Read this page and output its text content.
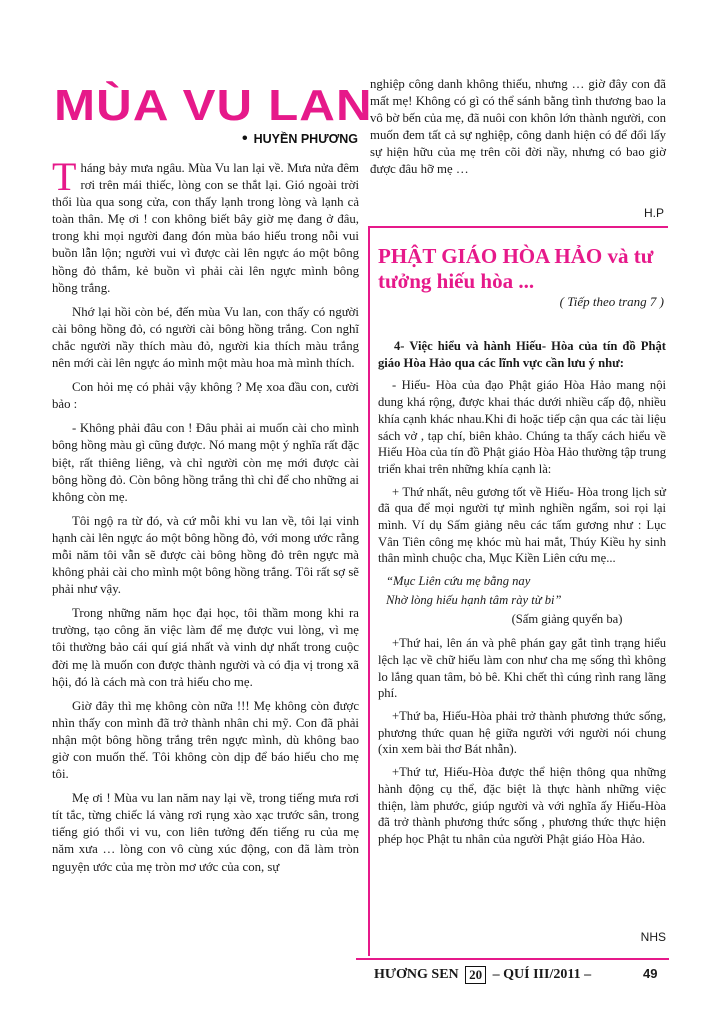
MÙA VU LAN
• HUYỀN PHƯƠNG

Tháng bảy mưa ngâu. Mùa Vu lan lại về. Mưa nửa đêm rơi trên mái thiếc, lòng con se thắt lại. Gió ngoài trời thổi lùa qua song cửa, con thấy lạnh trong lòng và lạnh cả toàn thân. Mẹ ơi ! con không biết bây giờ mẹ đang ở đâu, trong khi mọi người đang đón mùa báo hiếu trong nỗi vui buồn lẫn lộn; người vui vì được cài lên ngực áo một bông hồng đỏ thắm, kẻ buồn vì phải cài lên ngực mình bông hồng trắng.

Nhớ lại hồi còn bé, đến mùa Vu lan, con thấy có người cài bông hồng đỏ, có người cài bông hồng trắng. Con nghĩ chắc người nầy thích màu đỏ, người kia thích màu trắng nên mới cài lên ngực áo mình một màu hoa mà mình thích.

Con hỏi mẹ có phải vậy không ? Mẹ xoa đầu con, cười bảo :

- Không phải đâu con ! Đâu phải ai muốn cài cho mình bông hồng màu gì cũng được. Nó mang một ý nghĩa rất đặc biệt, rất thiêng liêng, và chỉ người còn mẹ mới được cài bông hồng đỏ. Còn bông hồng trắng thì chỉ để cho những ai không còn mẹ.

Tôi ngộ ra từ đó, và cứ mỗi khi vu lan về, tôi lại vinh hạnh cài lên ngực áo một bông hồng đỏ, với mong ước rằng mỗi năm tôi vẫn sẽ được cài bông hồng đỏ trên ngực mà không phải cài cho mình một bông hồng trắng. Tôi rất sợ sẽ phải như vậy.

Trong những năm học đại học, tôi thầm mong khi ra trường, tạo công ăn việc làm để mẹ được vui lòng, vì mẹ tôi thường bảo cái quí giá nhất và vinh dự nhất trong cuộc đời mẹ là muốn con được thành người và có địa vị trong xã hội, đó là cách mà con trả hiếu cho mẹ.

Giờ đây thì mẹ không còn nữa !!! Mẹ không còn được nhìn thấy con mình đã trở thành nhân chi mỹ. Con đã phải nhận một bông hồng trắng trên ngực mình, dù không bao giờ con muốn thế. Tôi không còn dịp để báo hiếu cho mẹ tôi.

Mẹ ơi ! Mùa vu lan năm nay lại về, trong tiếng mưa rơi tít tắc, từng chiếc lá vàng rơi rụng xào xạc trước sân, trong tiếng gió thổi vi vu, con liên tưởng đến tiếng ru của mẹ năm xưa … lòng con vô cùng xúc động, con đã làm tròn nguyện ước của mẹ tròn mơ ước của con, sự

nghiệp công danh không thiếu, nhưng … giờ đây con đã mất mẹ! Không có gì có thể sánh bằng tình thương bao la vô bờ bến của mẹ, đã nuôi con khôn lớn thành người, con muốn đem tất cả sự nghiệp, công danh hiện có để đổi lấy sự hiện hữu của mẹ trên cõi đời nầy, nhưng có bao giờ được đâu hỡ mẹ …

H.P
PHẬT GIÁO HÒA HẢO và tư tưởng hiếu hòa ...
( Tiếp theo trang 7 )

4- Việc hiểu và hành Hiếu- Hòa của tín đồ Phật giáo Hòa Hảo qua các lĩnh vực cần lưu ý như:

- Hiếu- Hòa của đạo Phật giáo Hòa Hảo mang nội dung khá rộng, được khai thác dưới nhiều cấp độ, nhiều khía cạnh khác nhau.Khi đi hoặc tiếp cận qua các tài liệu sách vở , tạp chí, biên khảo. Chúng ta thấy cách hiểu về Hiếu Hòa của tín đồ Phật giáo Hòa Hảo thường tập trung triển khai trên những khía cạnh là:

+ Thứ nhất, nêu gương tốt về Hiếu- Hòa trong lịch sử đã qua để mọi người tự mình nghiền ngẩm, soi rọi lại mình. Ví dụ Sấm giảng nêu các tấm gương như : Lục Vân Tiên công mẹ khóc mù hai mắt, Thúy Kiều hy sinh thân mình chuộc cha, Mục Kiền Liên cứu mẹ...

“Mục Liên cứu mẹ bằng nay

Nhờ lòng hiếu hạnh tâm rày từ bi”

(Sấm giảng quyển ba)

+Thứ hai, lên án và phê phán gay gắt tình trạng hiểu lệch lạc về chữ hiếu làm con như cha mẹ sống thì không lo lắng quan tâm, bỏ bê. Khi chết thì cúng rình rang lãng phí.

+Thứ ba, Hiếu-Hòa phải trở thành phương thức sống, phương thức quan hệ giữa người với người nói chung (xin xem bài thơ Bát nhẫn).

+Thứ tư, Hiếu-Hòa được thể hiện thông qua những hành động cụ thể, đặc biệt là thực hành những việc thiện, làm phước, giúp người và với nghĩa ấy Hiếu-Hòa đã trở thành phương thức sống , phương thức thực hiện phép học Phật tu nhân của người Phật giáo Hòa Hảo.

NHS
HƯƠNG SEN 20 – QUÍ III/2011 –	49
